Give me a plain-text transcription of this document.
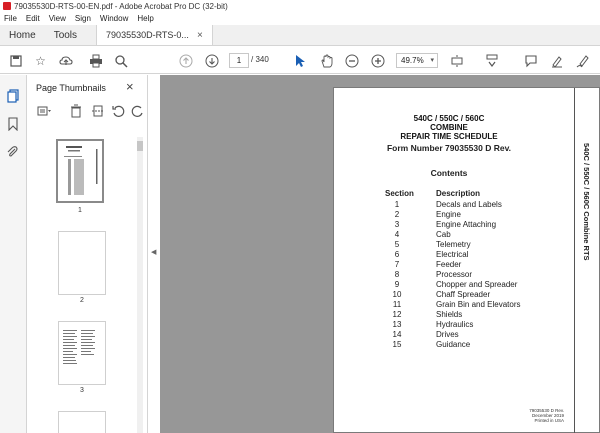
79035530D-RTS-00-EN.pdf - Adobe Acrobat Pro DC (32-bit)
File Edit View Sign Window Help
Home	Tools	79035530D-RTS-0... ×
☆	1	/ 340	49.7% ▾
Page Thumbnails ×
1
2
3
◀
540C / 550C / 560C
COMBINE
REPAIR TIME SCHEDULE
Form Number 79035530 D Rev.
Contents
Section	Description
1	Decals and Labels
2	Engine
3	Engine Attaching
4	Cab
5	Telemetry
6	Electrical
7	Feeder
8	Processor
9	Chopper and Spreader
10	Chaff Spreader
11	Grain Bin and Elevators
12	Shields
13	Hydraulics
14	Drives
15	Guidance
540C / 550C / 560C Combine RTS
79035530 D Rev.
December 2019
Printed in USA
